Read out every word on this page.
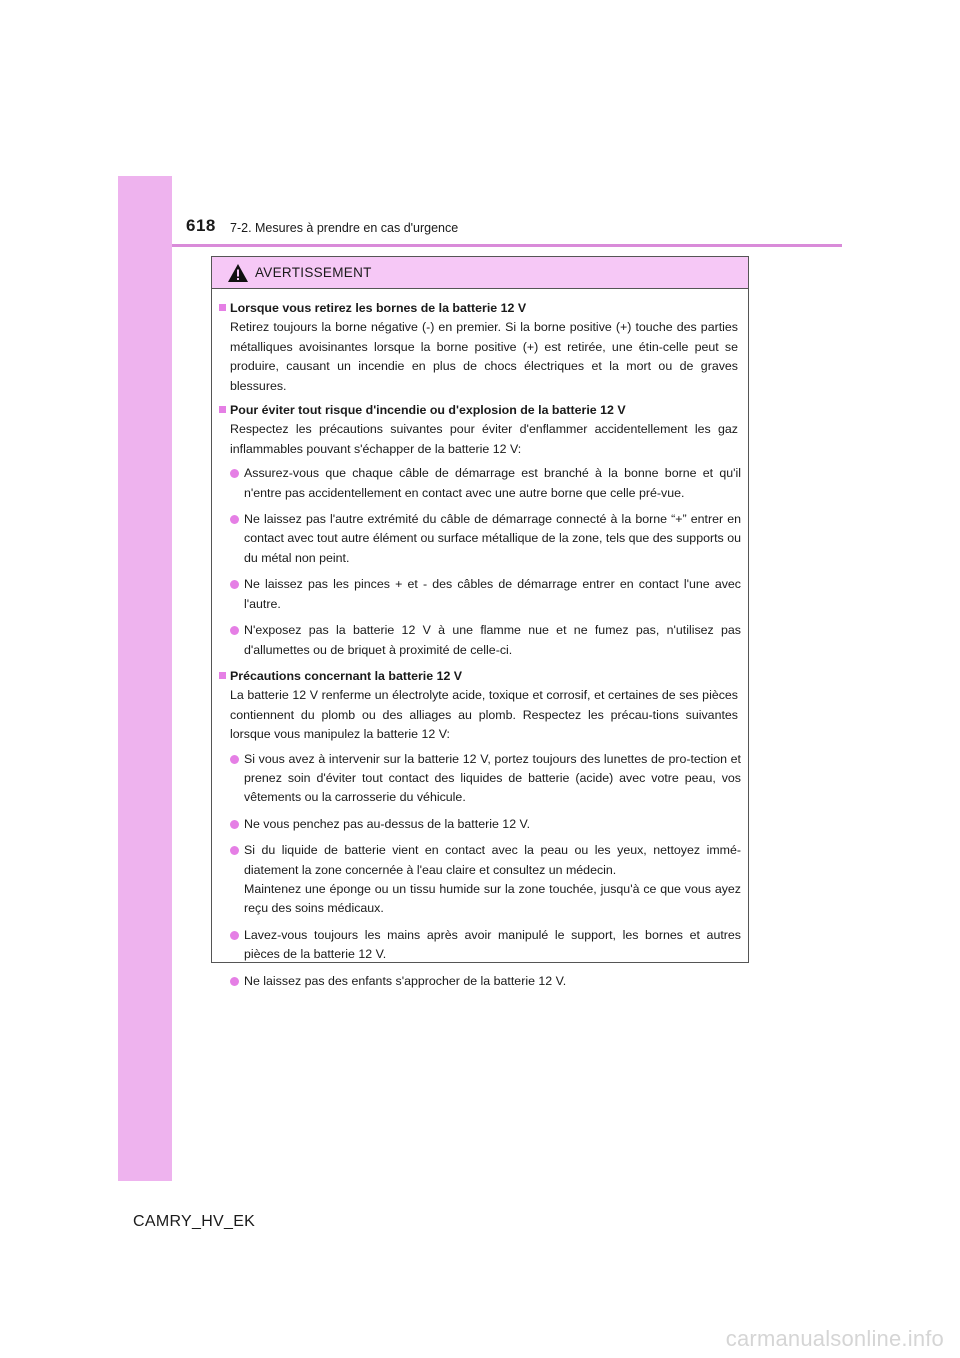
618 7-2. Mesures à prendre en cas d'urgence
AVERTISSEMENT
Lorsque vous retirez les bornes de la batterie 12 V
Retirez toujours la borne négative (-) en premier. Si la borne positive (+) touche des parties métalliques avoisinantes lorsque la borne positive (+) est retirée, une étin-celle peut se produire, causant un incendie en plus de chocs électriques et la mort ou de graves blessures.
Pour éviter tout risque d'incendie ou d'explosion de la batterie 12 V
Respectez les précautions suivantes pour éviter d'enflammer accidentellement les gaz inflammables pouvant s'échapper de la batterie 12 V:
Assurez-vous que chaque câble de démarrage est branché à la bonne borne et qu'il n'entre pas accidentellement en contact avec une autre borne que celle pré-vue.
Ne laissez pas l'autre extrémité du câble de démarrage connecté à la borne “+” entrer en contact avec tout autre élément ou surface métallique de la zone, tels que des supports ou du métal non peint.
Ne laissez pas les pinces + et - des câbles de démarrage entrer en contact l'une avec l'autre.
N'exposez pas la batterie 12 V à une flamme nue et ne fumez pas, n'utilisez pas d'allumettes ou de briquet à proximité de celle-ci.
Précautions concernant la batterie 12 V
La batterie 12 V renferme un électrolyte acide, toxique et corrosif, et certaines de ses pièces contiennent du plomb ou des alliages au plomb. Respectez les précau-tions suivantes lorsque vous manipulez la batterie 12 V:
Si vous avez à intervenir sur la batterie 12 V, portez toujours des lunettes de pro-tection et prenez soin d'éviter tout contact des liquides de batterie (acide) avec votre peau, vos vêtements ou la carrosserie du véhicule.
Ne vous penchez pas au-dessus de la batterie 12 V.
Si du liquide de batterie vient en contact avec la peau ou les yeux, nettoyez immé-diatement la zone concernée à l'eau claire et consultez un médecin.
Maintenez une éponge ou un tissu humide sur la zone touchée, jusqu'à ce que vous ayez reçu des soins médicaux.
Lavez-vous toujours les mains après avoir manipulé le support, les bornes et autres pièces de la batterie 12 V.
Ne laissez pas des enfants s'approcher de la batterie 12 V.
CAMRY_HV_EK
carmanualsonline.info
